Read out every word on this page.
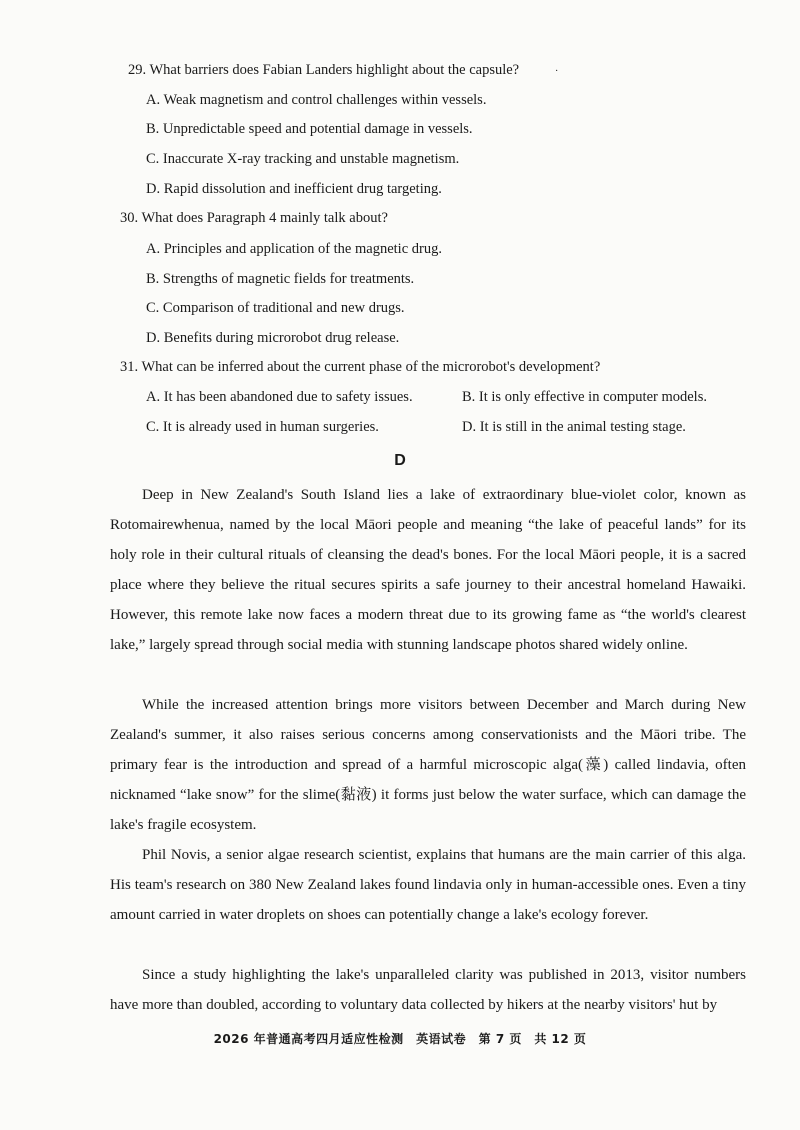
·
29. What barriers does Fabian Landers highlight about the capsule?
A. Weak magnetism and control challenges within vessels.
B. Unpredictable speed and potential damage in vessels.
C. Inaccurate X-ray tracking and unstable magnetism.
D. Rapid dissolution and inefficient drug targeting.
30. What does Paragraph 4 mainly talk about?
A. Principles and application of the magnetic drug.
B. Strengths of magnetic fields for treatments.
C. Comparison of traditional and new drugs.
D. Benefits during microrobot drug release.
31. What can be inferred about the current phase of the microrobot's development?
A. It has been abandoned due to safety issues.	B. It is only effective in computer models.
C. It is already used in human surgeries.	D. It is still in the animal testing stage.
D

Deep in New Zealand's South Island lies a lake of extraordinary blue-violet color, known as Rotomairewhenua, named by the local Māori people and meaning “the lake of peaceful lands” for its holy role in their cultural rituals of cleansing the dead's bones. For the local Māori people, it is a sacred place where they believe the ritual secures spirits a safe journey to their ancestral homeland Hawaiki. However, this remote lake now faces a modern threat due to its growing fame as “the world's clearest lake,” largely spread through social media with stunning landscape photos shared widely online.

While the increased attention brings more visitors between December and March during New Zealand's summer, it also raises serious concerns among conservationists and the Māori tribe. The primary fear is the introduction and spread of a harmful microscopic alga(藻) called lindavia, often nicknamed “lake snow” for the slime(黏液) it forms just below the water surface, which can damage the lake's fragile ecosystem.

Phil Novis, a senior algae research scientist, explains that humans are the main carrier of this alga. His team's research on 380 New Zealand lakes found lindavia only in human-accessible ones. Even a tiny amount carried in water droplets on shoes can potentially change a lake's ecology forever.

Since a study highlighting the lake's unparalleled clarity was published in 2013, visitor numbers have more than doubled, according to voluntary data collected by hikers at the nearby visitors' hut by

2026 年普通高考四月适应性检测　英语试卷　第 7 页　共 12 页
